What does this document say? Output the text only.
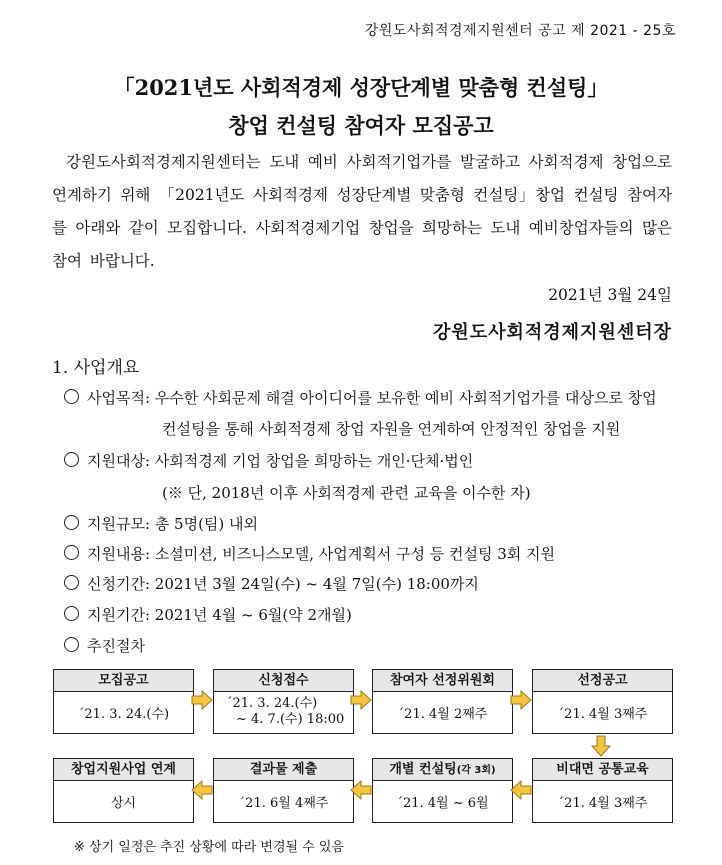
강원도사회적경제지원센터 공고 제 2021 - 25호
「2021년도 사회적경제 성장단계별 맞춤형 컨설팅」
창업 컨설팅 참여자 모집공고
강원도사회적경제지원센터는 도내 예비 사회적기업가를 발굴하고 사회적경제 창업으로 연계하기 위해 「2021년도 사회적경제 성장단계별 맞춤형 컨설팅」창업 컨설팅 참여자를 아래와 같이 모집합니다. 사회적경제기업 창업을 희망하는 도내 예비창업자들의 많은 참여 바랍니다.
2021년 3월 24일
강원도사회적경제지원센터장
1. 사업개요
사업목적: 우수한 사회문제 해결 아이디어를 보유한 예비 사회적기업가를 대상으로 창업
컨설팅을 통해 사회적경제 창업 자원을 연계하여 안정적인 창업을 지원
지원대상: 사회적경제 기업 창업을 희망하는 개인·단체·법인
(※ 단, 2018년 이후 사회적경제 관련 교육을 이수한 자)
지원규모: 총 5명(팀) 내외
지원내용: 소셜미션, 비즈니스모델, 사업계획서 구성 등 컨설팅 3회 지원
신청기간: 2021년 3월 24일(수) ~ 4월 7일(수) 18:00까지
지원기간: 2021년 4월 ~ 6월(약 2개월)
추진절차
모집공고
´21. 3. 24.(수)
신청접수
´21. 3. 24.(수)
~ 4. 7.(수) 18:00
참여자 선정위원회
´21. 4월 2째주
선정공고
´21. 4월 3째주
창업지원사업 연계
상시
결과물 제출
´21. 6월 4째주
개별 컨설팅(각 3회)
´21. 4월 ~ 6월
비대면 공통교육
´21. 4월 3째주
※ 상기 일정은 추진 상황에 따라 변경될 수 있음
